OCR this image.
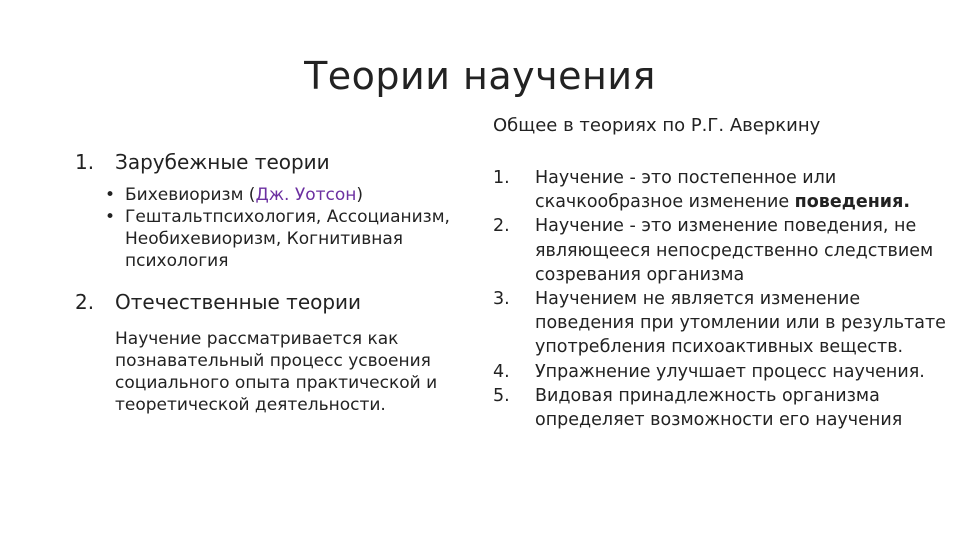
Теории научения

Общее в теориях по Р.Г. Аверкину

1.	Зарубежные теории
• Бихевиоризм (Дж. Уотсон)
• Гештальтпсихология, Ассоцианизм, Необихевиоризм, Когнитивная психология
2.	Отечественные теории

Научение рассматривается как познавательный процесс усвоения социального опыта практической и теоретической деятельности.

1.	Научение - это постепенное или скачкообразное изменение поведения.
2.	Научение - это изменение поведения, не являющееся непосредственно следствием созревания организма
3.	Научением не является изменение поведения при утомлении или в результате употребления психоактивных веществ.
4.	Упражнение улучшает процесс научения.
5.	Видовая принадлежность организма определяет возможности его научения
